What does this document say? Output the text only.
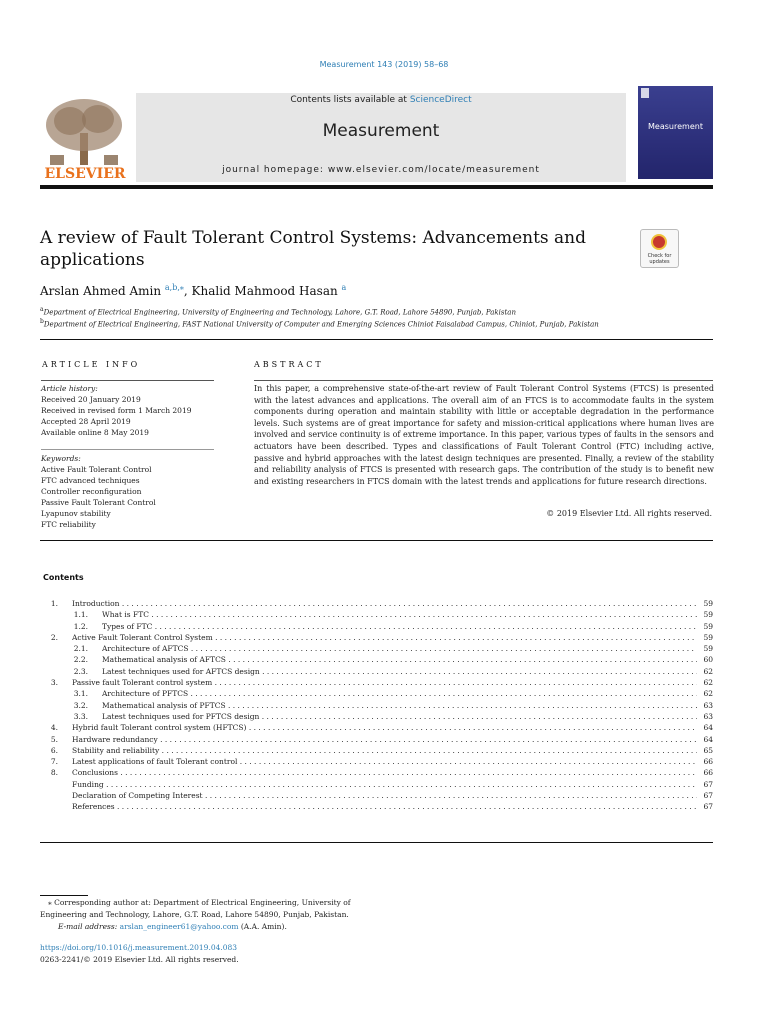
Measurement 143 (2019) 58–68
ELSEVIER
Contents lists available at ScienceDirect
Measurement
journal homepage: www.elsevier.com/locate/measurement
Measurement
A review of Fault Tolerant Control Systems: Advancements and applications	Check for updates
Arslan Ahmed Amin $^{a,b,⁎}$, Khalid Mahmood Hasan $^a$
$^a$Department of Electrical Engineering, University of Engineering and Technology, Lahore, G.T. Road, Lahore 54890, Punjab, Pakistan
$^b$Department of Electrical Engineering, FAST National University of Computer and Emerging Sciences Chiniot Faisalabad Campus, Chiniot, Punjab, Pakistan
ARTICLE INFO
Article history:
Received 20 January 2019
Received in revised form 1 March 2019
Accepted 28 April 2019
Available online 8 May 2019
Keywords:
Active Fault Tolerant Control
FTC advanced techniques
Controller reconfiguration
Passive Fault Tolerant Control
Lyapunov stability
FTC reliability
ABSTRACT
In this paper, a comprehensive state-of-the-art review of Fault Tolerant Control Systems (FTCS) is presented with the latest advances and applications. The overall aim of an FTCS is to accommodate faults in the system components during operation and maintain stability with little or acceptable degradation in the performance levels. Such systems are of great importance for safety and mission-critical applications where human lives are involved and service continuity is of extreme importance. In this paper, various types of faults in the sensors and actuators have been described. Types and classifications of Fault Tolerant Control (FTC) including active, passive and hybrid approaches with the latest design techniques are presented. Finally, a review of the stability and reliability analysis of FTCS is presented with research gaps. The contribution of the study is to benefit new and existing researchers in FTCS domain with the latest trends and applications for future research directions.
© 2019 Elsevier Ltd. All rights reserved.
Contents
1. Introduction . . .	59
1.1. What is FTC . . .	59
1.2. Types of FTC . . .	59
2. Active Fault Tolerant Control System . . .	59
2.1. Architecture of AFTCS . . .	59
2.2. Mathematical analysis of AFTCS . . .	60
2.3. Latest techniques used for AFTCS design . . .	62
3. Passive fault Tolerant control system . . .	62
3.1. Architecture of PFTCS . . .	62
3.2. Mathematical analysis of PFTCS . . .	63
3.3. Latest techniques used for PFTCS design . . .	63
4. Hybrid fault Tolerant control system (HFTCS) . . .	64
5. Hardware redundancy . . .	64
6. Stability and reliability . . .	65
7. Latest applications of fault Tolerant control . . .	66
8. Conclusions . . .	66
Funding . . .	67
Declaration of Competing Interest . . .	67
References . . .	67
⁎ Corresponding author at: Department of Electrical Engineering, University of Engineering and Technology, Lahore, G.T. Road, Lahore 54890, Punjab, Pakistan.
E-mail address: arslan_engineer61@yahoo.com (A.A. Amin).
https://doi.org/10.1016/j.measurement.2019.04.083
0263-2241/© 2019 Elsevier Ltd. All rights reserved.
